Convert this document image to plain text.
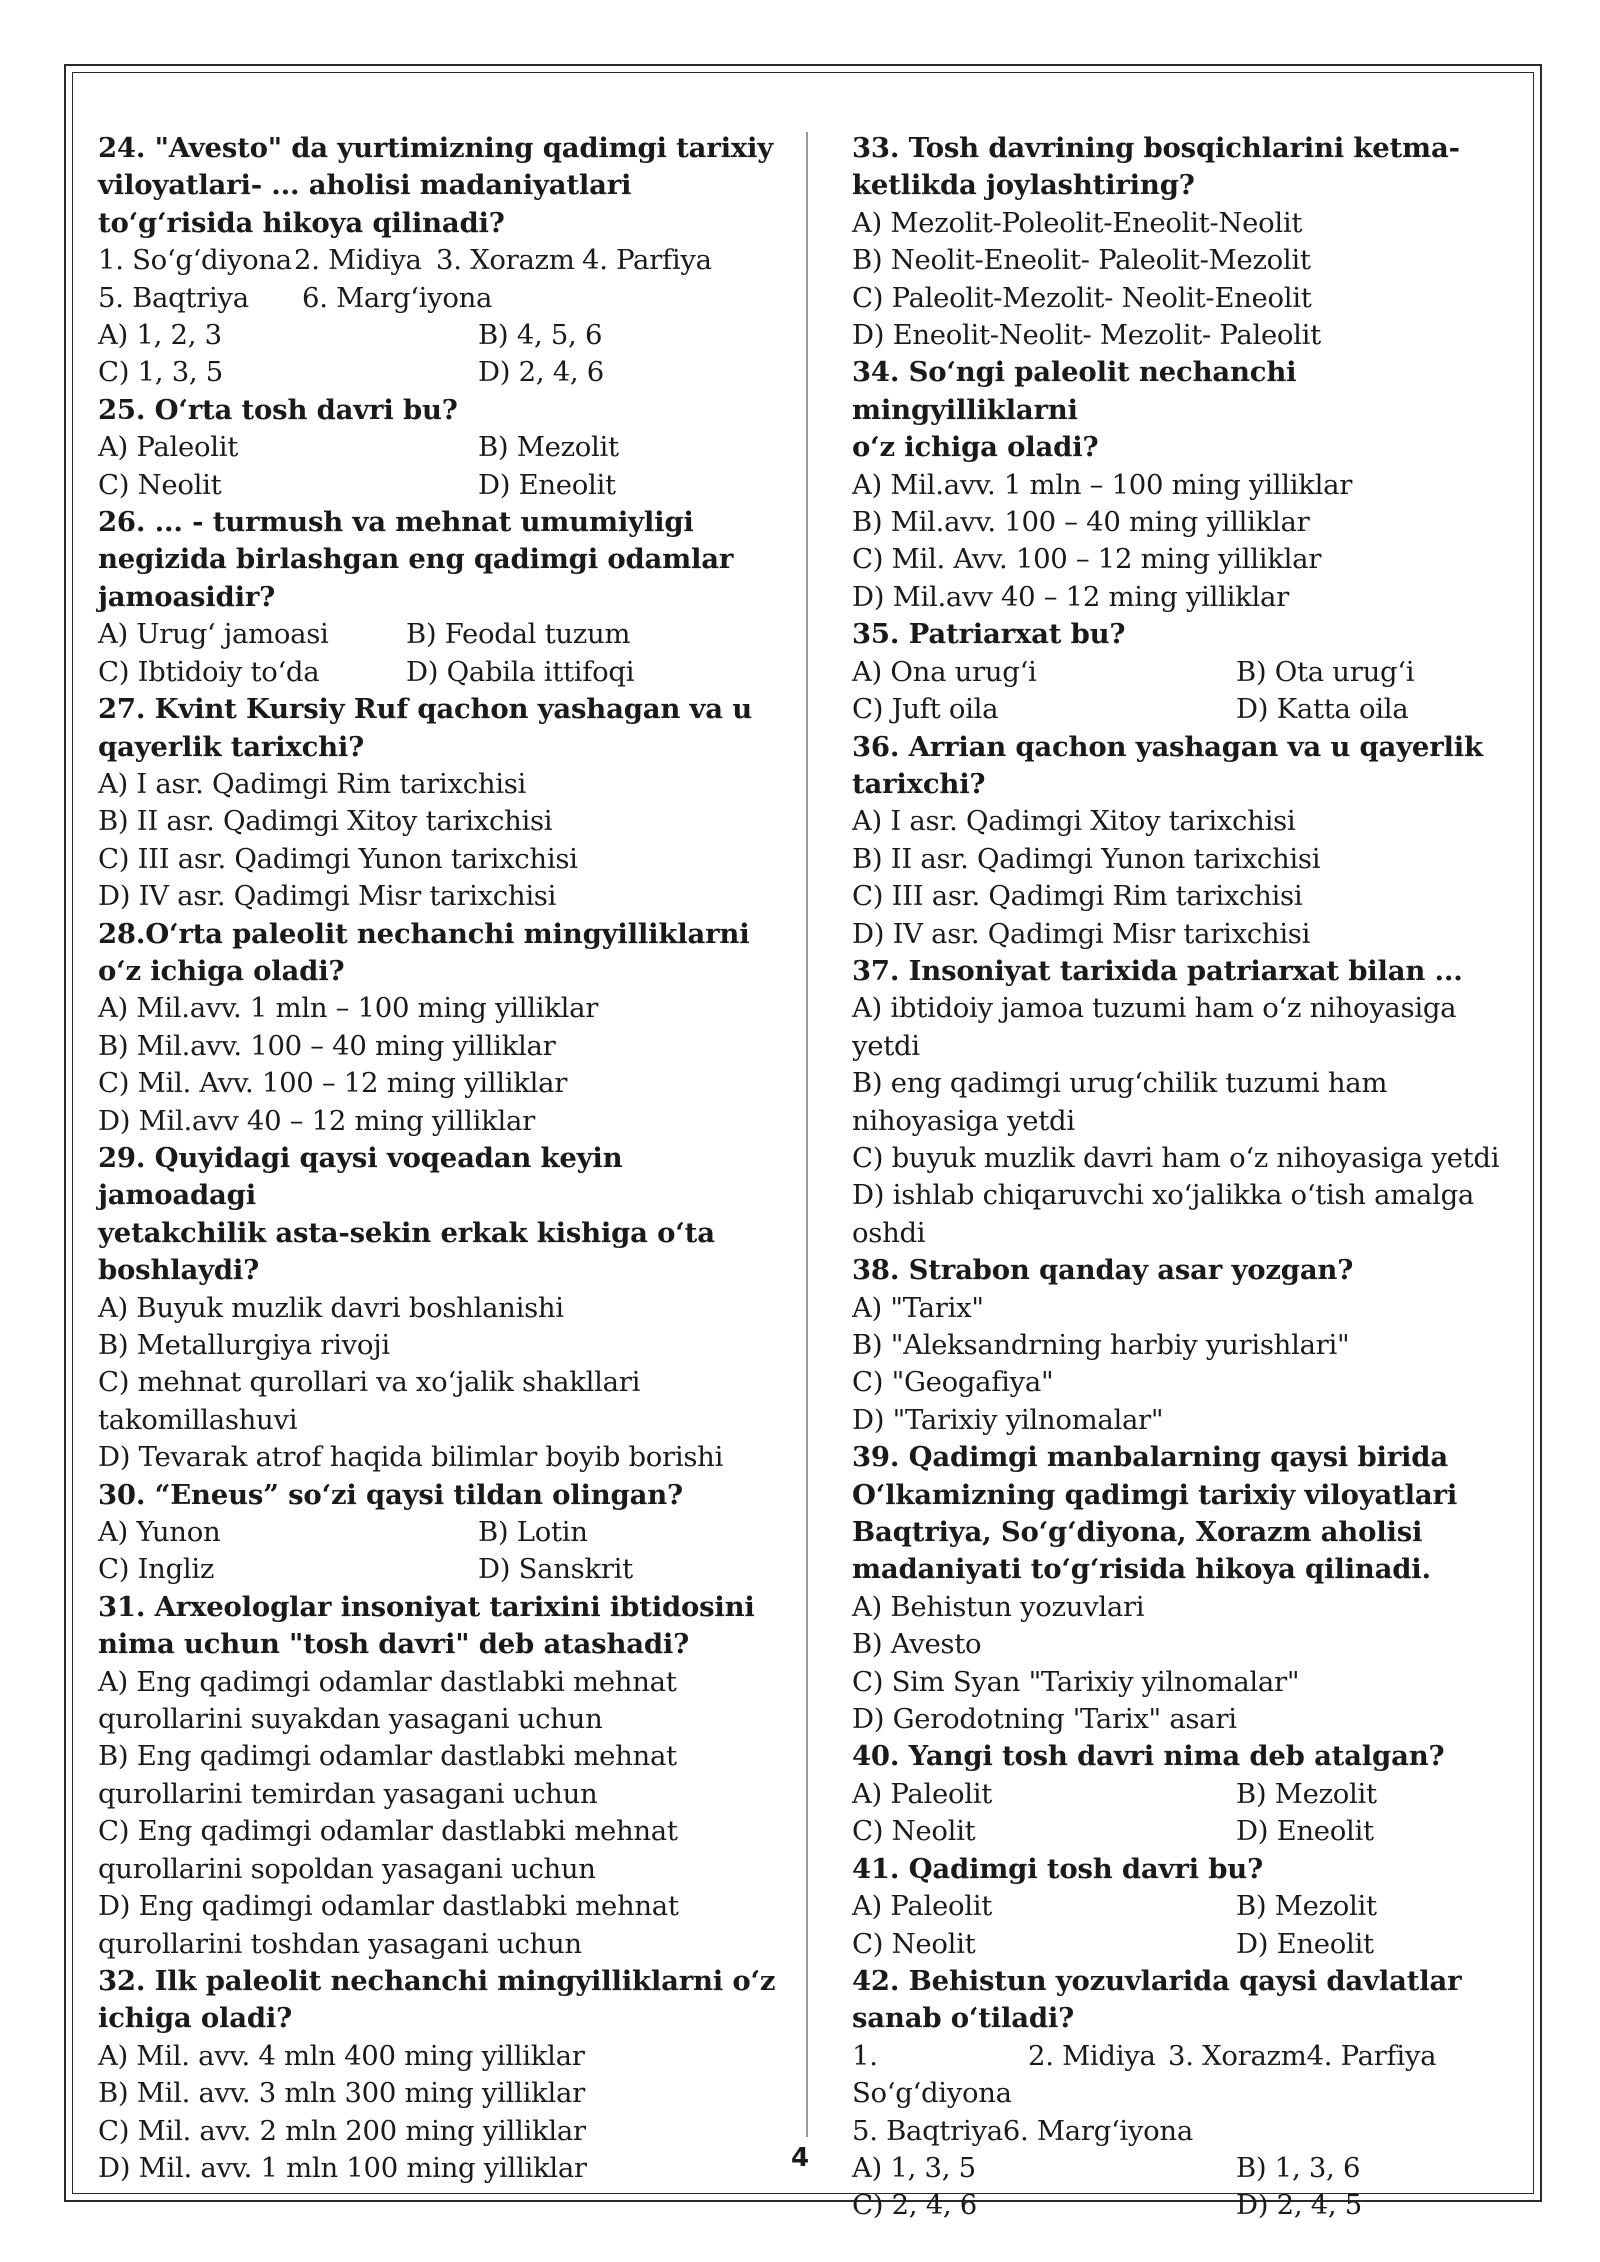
24. "Avesto" da yurtimizning qadimgi tarixiy
viloyatlari- ... aholisi madaniyatlari
to‘g‘risida hikoya qilinadi?
1. So‘g‘diyona 2. Midiya 3. Xorazm 4. Parfiya
5. Baqtriya	6. Marg‘iyona
A) 1, 2, 3	B) 4, 5, 6
C) 1, 3, 5	D) 2, 4, 6
25. O‘rta tosh davri bu?
A) Paleolit	B) Mezolit
C) Neolit	D) Eneolit
26. ... - turmush va mehnat umumiyligi
negizida birlashgan eng qadimgi odamlar
jamoasidir?
A) Urug‘ jamoasi	B) Feodal tuzum
C) Ibtidoiy to‘da	D) Qabila ittifoqi
27. Kvint Kursiy Ruf qachon yashagan va u
qayerlik tarixchi?
A) I asr. Qadimgi Rim tarixchisi
B) II asr. Qadimgi Xitoy tarixchisi
C) III asr. Qadimgi Yunon tarixchisi
D) IV asr. Qadimgi Misr tarixchisi
28.O‘rta paleolit nechanchi mingyilliklarni
o‘z ichiga oladi?
A) Mil.avv. 1 mln – 100 ming yilliklar
B) Mil.avv. 100 – 40 ming yilliklar
C) Mil. Avv. 100 – 12 ming yilliklar
D) Mil.avv 40 – 12 ming yilliklar
29. Quyidagi qaysi voqeadan keyin jamoadagi
yetakchilik asta-sekin erkak kishiga o‘ta
boshlaydi?
A) Buyuk muzlik davri boshlanishi
B) Metallurgiya rivoji
C) mehnat qurollari va xo‘jalik shakllari
takomillashuvi
D) Tevarak atrof haqida bilimlar boyib borishi
30. “Eneus” so‘zi qaysi tildan olingan?
A) Yunon	B) Lotin
C) Ingliz	D) Sanskrit
31. Arxeologlar insoniyat tarixini ibtidosini
nima uchun "tosh davri" deb atashadi?
A) Eng qadimgi odamlar dastlabki mehnat
qurollarini suyakdan yasagani uchun
B) Eng qadimgi odamlar dastlabki mehnat
qurollarini temirdan yasagani uchun
C) Eng qadimgi odamlar dastlabki mehnat
qurollarini sopoldan yasagani uchun
D) Eng qadimgi odamlar dastlabki mehnat
qurollarini toshdan yasagani uchun
32. Ilk paleolit nechanchi mingyilliklarni o‘z
ichiga oladi?
A) Mil. avv. 4 mln 400 ming yilliklar
B) Mil. avv. 3 mln 300 ming yilliklar
C) Mil. avv. 2 mln 200 ming yilliklar
D) Mil. avv. 1 mln 100 ming yilliklar
33. Tosh davrining bosqichlarini ketma-
ketlikda joylashtiring?
A) Mezolit-Poleolit-Eneolit-Neolit
B) Neolit-Eneolit- Paleolit-Mezolit
C) Paleolit-Mezolit- Neolit-Eneolit
D) Eneolit-Neolit- Mezolit- Paleolit
34. So‘ngi paleolit nechanchi mingyilliklarni
o‘z ichiga oladi?
A) Mil.avv. 1 mln – 100 ming yilliklar
B) Mil.avv. 100 – 40 ming yilliklar
C) Mil. Avv. 100 – 12 ming yilliklar
D) Mil.avv 40 – 12 ming yilliklar
35. Patriarxat bu?
A) Ona urug‘i	B) Ota urug‘i
C) Juft oila	D) Katta oila
36. Arrian qachon yashagan va u qayerlik
tarixchi?
A) I asr. Qadimgi Xitoy tarixchisi
B) II asr. Qadimgi Yunon tarixchisi
C) III asr. Qadimgi Rim tarixchisi
D) IV asr. Qadimgi Misr tarixchisi
37. Insoniyat tarixida patriarxat bilan ...
A) ibtidoiy jamoa tuzumi ham o‘z nihoyasiga
yetdi
B) eng qadimgi urug‘chilik tuzumi ham
nihoyasiga yetdi
C) buyuk muzlik davri ham o‘z nihoyasiga yetdi
D) ishlab chiqaruvchi xo‘jalikka o‘tish amalga
oshdi
38. Strabon qanday asar yozgan?
A) "Tarix"
B) "Aleksandrning harbiy yurishlari"
C) "Geogafiya"
D) "Tarixiy yilnomalar"
39. Qadimgi manbalarning qaysi birida
O‘lkamizning qadimgi tarixiy viloyatlari
Baqtriya, So‘g‘diyona, Xorazm aholisi
madaniyati to‘g‘risida hikoya qilinadi.
A) Behistun yozuvlari
B) Avesto
C) Sim Syan "Tarixiy yilnomalar"
D) Gerodotning 'Tarix" asari
40. Yangi tosh davri nima deb atalgan?
A) Paleolit	B) Mezolit
C) Neolit	D) Eneolit
41. Qadimgi tosh davri bu?
A) Paleolit	B) Mezolit
C) Neolit	D) Eneolit
42. Behistun yozuvlarida qaysi davlatlar
sanab o‘tiladi?
1. So‘g‘diyona
2. Midiya 3. Xorazm4. Parfiya
5. Baqtriya6. Marg‘iyona
A) 1, 3, 5	B) 1, 3, 6
C) 2, 4, 6	D) 2, 4, 5
4
